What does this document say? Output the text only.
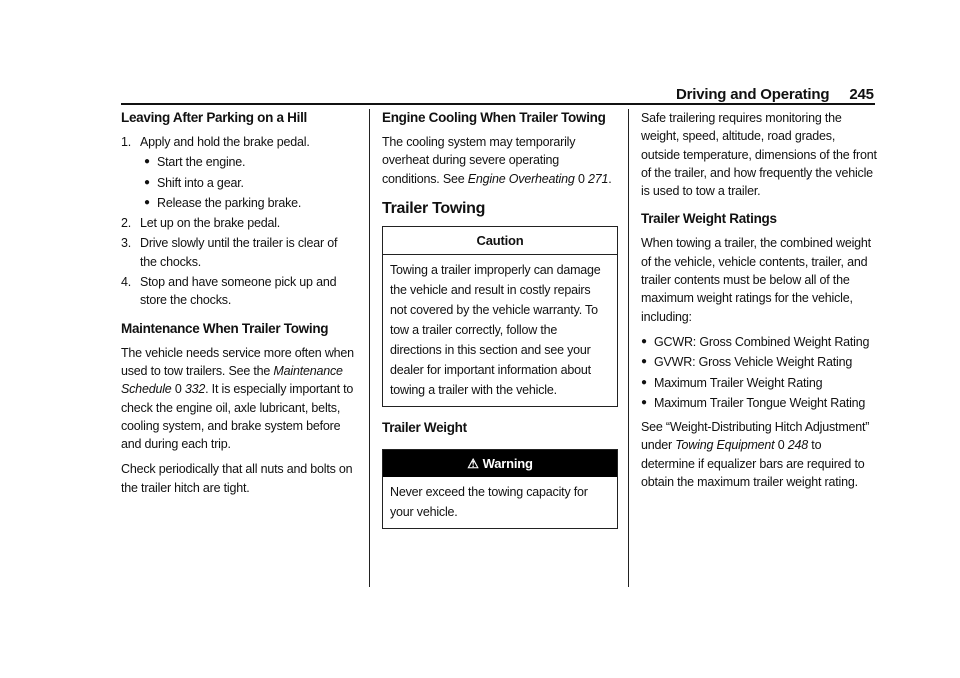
Driving and Operating 245
Leaving After Parking on a Hill
1. Apply and hold the brake pedal.
● Start the engine.
● Shift into a gear.
● Release the parking brake.
2. Let up on the brake pedal.
3. Drive slowly until the trailer is clear of the chocks.
4. Stop and have someone pick up and store the chocks.
Maintenance When Trailer Towing

The vehicle needs service more often when used to tow trailers. See the Maintenance Schedule 0 332. It is especially important to check the engine oil, axle lubricant, belts, cooling system, and brake system before and during each trip.

Check periodically that all nuts and bolts on the trailer hitch are tight.

Engine Cooling When Trailer Towing

The cooling system may temporarily overheat during severe operating conditions. See Engine Overheating 0 271.

Trailer Towing
Caution
Towing a trailer improperly can damage the vehicle and result in costly repairs not covered by the vehicle warranty. To tow a trailer correctly, follow the directions in this section and see your dealer for important information about towing a trailer with the vehicle.
Trailer Weight
⚠ Warning
Never exceed the towing capacity for your vehicle.

Safe trailering requires monitoring the weight, speed, altitude, road grades, outside temperature, dimensions of the front of the trailer, and how frequently the vehicle is used to tow a trailer.

Trailer Weight Ratings

When towing a trailer, the combined weight of the vehicle, vehicle contents, trailer, and trailer contents must be below all of the maximum weight ratings for the vehicle, including:

● GCWR: Gross Combined Weight Rating
● GVWR: Gross Vehicle Weight Rating
● Maximum Trailer Weight Rating
● Maximum Trailer Tongue Weight Rating

See “Weight-Distributing Hitch Adjustment” under Towing Equipment 0 248 to determine if equalizer bars are required to obtain the maximum trailer weight rating.
